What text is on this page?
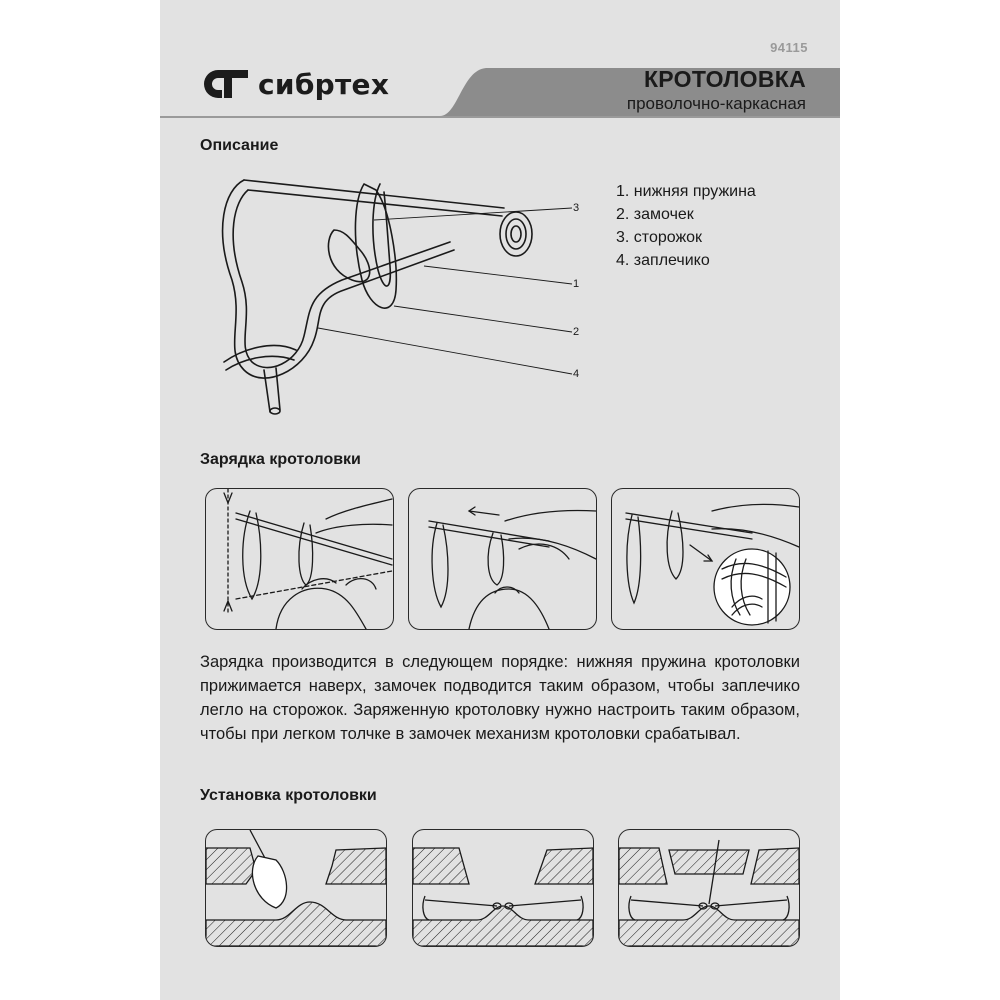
94115
сибртех	КРОТОЛОВКА
проволочно-каркасная
Описание
3
1
2
4
1. нижняя пружина
2. замочек
3. сторожок
4. заплечико
Зарядка кротоловки
Зарядка производится в следующем порядке: нижняя пружина кротоловки прижимается наверх, замочек подводится таким образом, чтобы заплечико легло на сторожок. Заряженную кротоловку нужно настроить таким образом, чтобы при легком толчке в замочек механизм кротоловки срабатывал.
Установка кротоловки
